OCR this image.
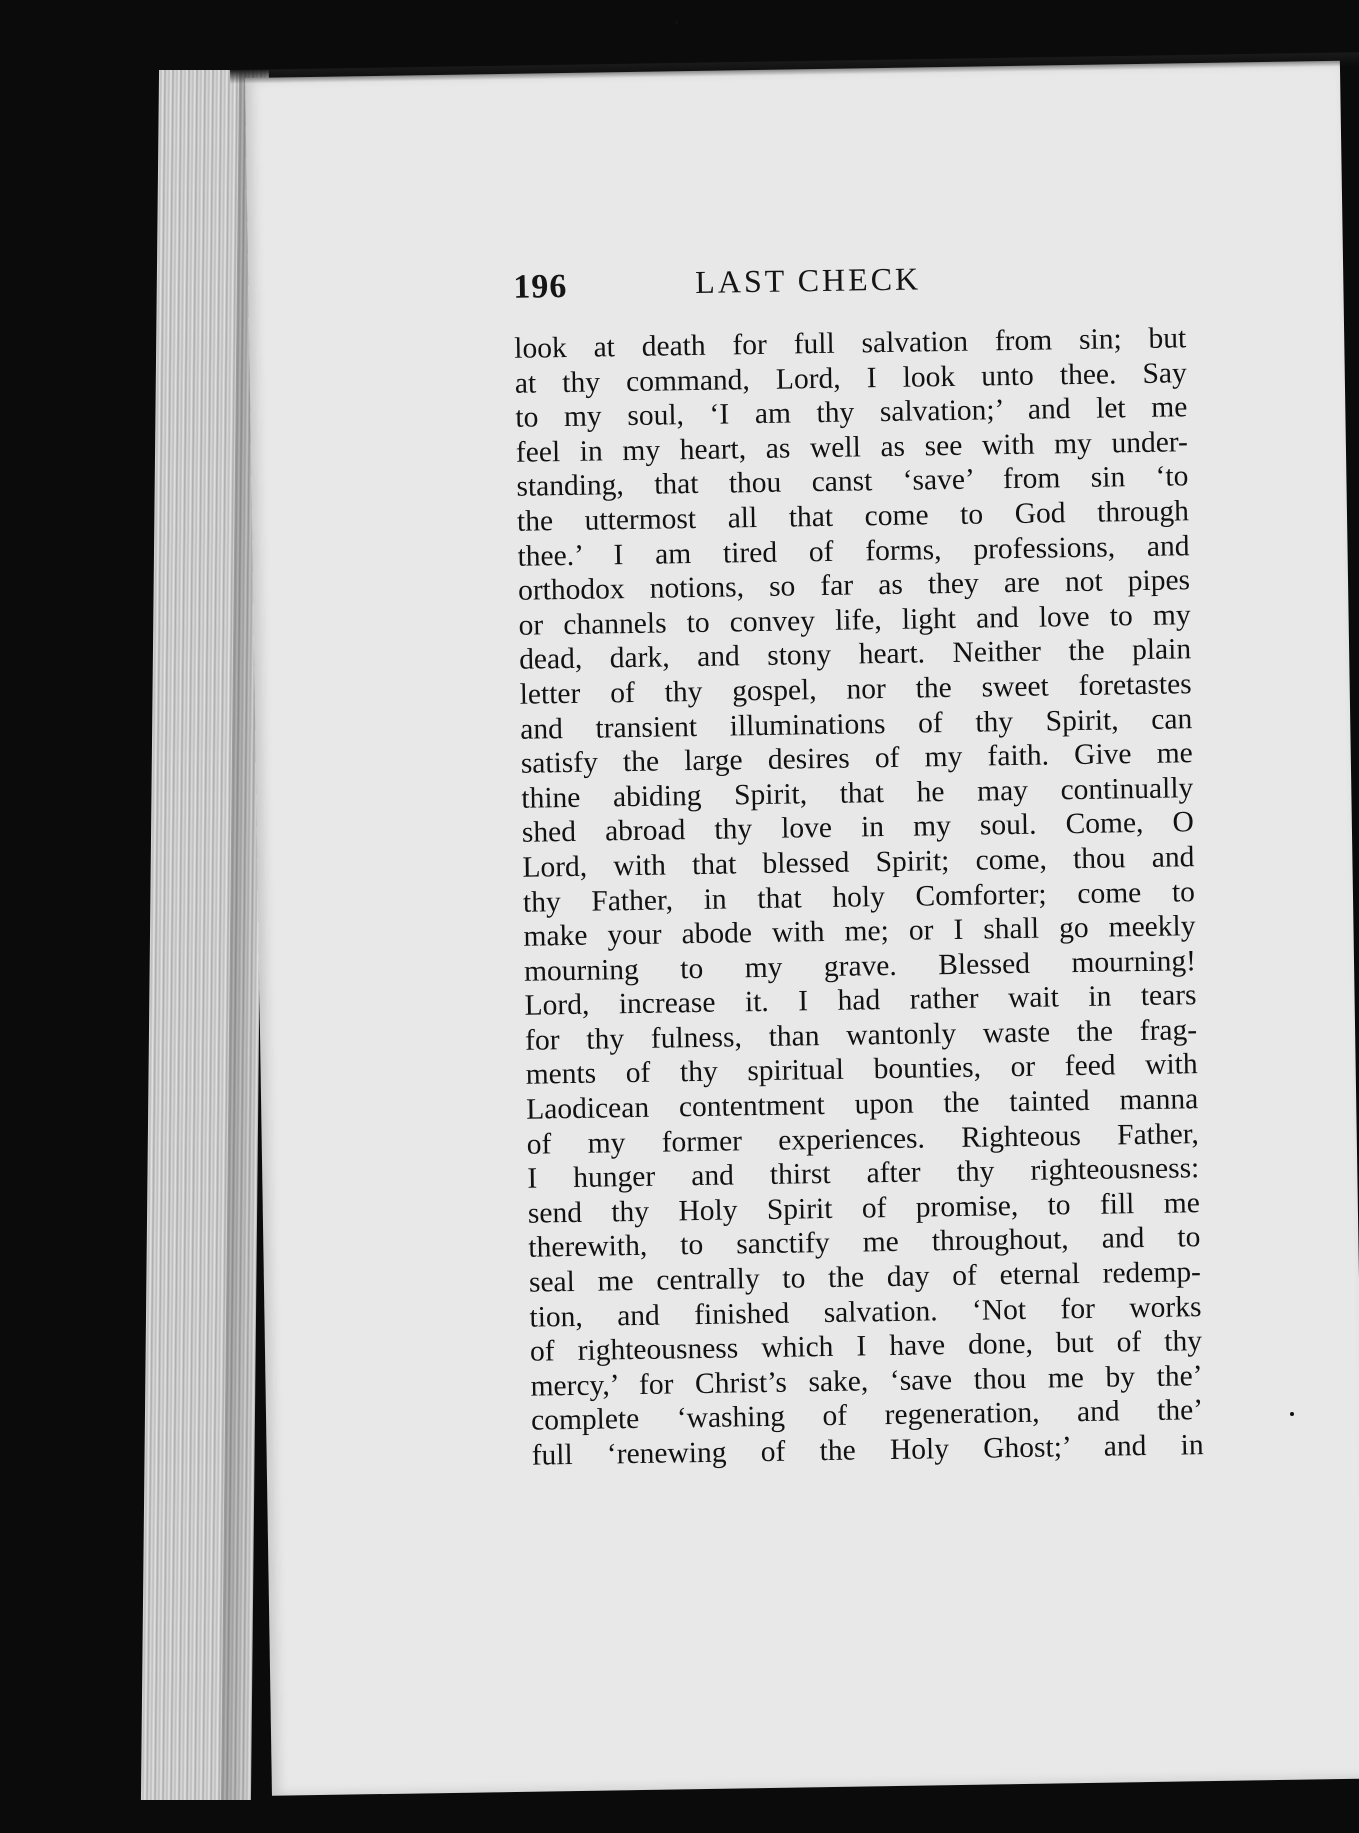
196	LAST CHECK
look at death for full salvation from sin; but
at thy command, Lord, I look unto thee. Say
to my soul, ‘I am thy salvation;’ and let me
feel in my heart, as well as see with my under-
standing, that thou canst ‘save’ from sin ‘to
the uttermost all that come to God through
thee.’ I am tired of forms, professions, and
orthodox notions, so far as they are not pipes
or channels to convey life, light and love to my
dead, dark, and stony heart. Neither the plain
letter of thy gospel, nor the sweet foretastes
and transient illuminations of thy Spirit, can
satisfy the large desires of my faith. Give me
thine abiding Spirit, that he may continually
shed abroad thy love in my soul. Come, O
Lord, with that blessed Spirit; come, thou and
thy Father, in that holy Comforter; come to
make your abode with me; or I shall go meekly
mourning to my grave. Blessed mourning!
Lord, increase it. I had rather wait in tears
for thy fulness, than wantonly waste the frag-
ments of thy spiritual bounties, or feed with
Laodicean contentment upon the tainted manna
of my former experiences. Righteous Father,
I hunger and thirst after thy righteousness:
send thy Holy Spirit of promise, to fill me
therewith, to sanctify me throughout, and to
seal me centrally to the day of eternal redemp-
tion, and finished salvation. ‘Not for works
of righteousness which I have done, but of thy
mercy,’ for Christ’s sake, ‘save thou me by the’
complete ‘washing of regeneration, and the’
full ‘renewing of the Holy Ghost;’ and in
